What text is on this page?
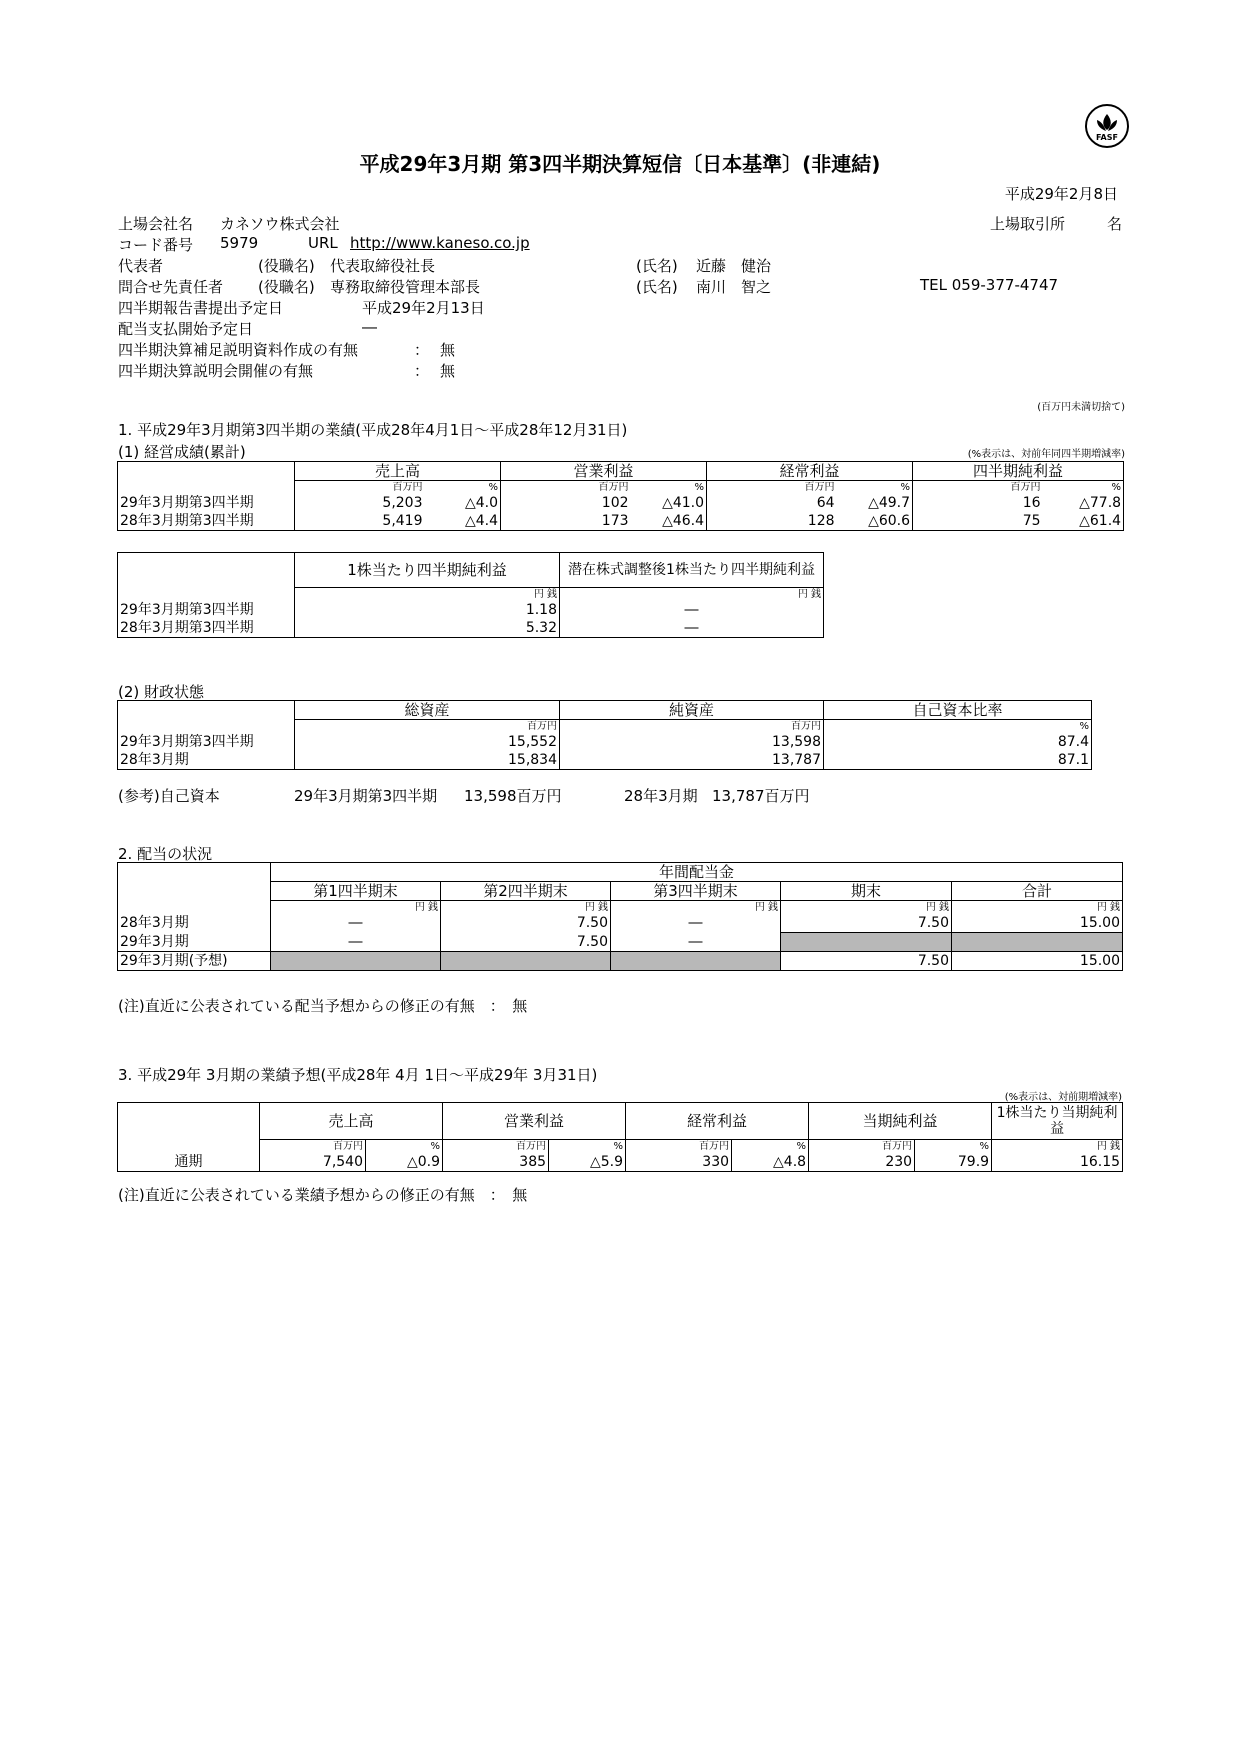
FASF
平成29年3月期 第3四半期決算短信〔日本基準〕(非連結)
平成29年2月8日
上場会社名 カネソウ株式会社	上場取引所	名
コード番号 5979	URL http://www.kaneso.co.jp
代表者	(役職名) 代表取締役社長	(氏名) 近藤　健治
問合せ先責任者 (役職名) 専務取締役管理本部長	(氏名) 南川　智之	TEL 059-377-4747
四半期報告書提出予定日	平成29年2月13日
配当支払開始予定日	―
四半期決算補足説明資料作成の有無	： 無
四半期決算説明会開催の有無	： 無
(百万円未満切捨て)
1. 平成29年3月期第3四半期の業績(平成28年4月1日～平成28年12月31日)
(1) 経営成績(累計)	(%表示は、対前年同四半期増減率)
	売上高		営業利益		経常利益		四半期純利益	
	百万円	%	百万円	%	百万円	%	百万円	%
29年3月期第3四半期	5,203	△4.0	102	△41.0	64	△49.7	16	△77.8
28年3月期第3四半期	5,419	△4.4	173	△46.4	128	△60.6	75	△61.4
	1株当たり四半期純利益	潜在株式調整後1株当たり四半期純利益
	円 銭	円 銭
29年3月期第3四半期	1.18	―
28年3月期第3四半期	5.32	―
(2) 財政状態
	総資産	純資産	自己資本比率
	百万円	百万円	%
29年3月期第3四半期	15,552	13,598	87.4
28年3月期	15,834	13,787	87.1
(参考)自己資本	29年3月期第3四半期 13,598百万円	28年3月期 13,787百万円
2. 配当の状況
	年間配当金				
	第1四半期末	第2四半期末	第3四半期末	期末	合計
	円 銭	円 銭	円 銭	円 銭	円 銭
28年3月期	―	7.50	―	7.50	15.00
29年3月期	―	7.50	―		
29年3月期(予想)				7.50	15.00
(注)直近に公表されている配当予想からの修正の有無　：　無
3. 平成29年 3月期の業績予想(平成28年 4月 1日～平成29年 3月31日)
(%表示は、対前期増減率)
	売上高		営業利益		経常利益		当期純利益		1株当たり当期純利益
	百万円	%	百万円	%	百万円	%	百万円	%	円 銭
通期	7,540	△0.9	385	△5.9	330	△4.8	230	79.9	16.15
(注)直近に公表されている業績予想からの修正の有無　：　無
